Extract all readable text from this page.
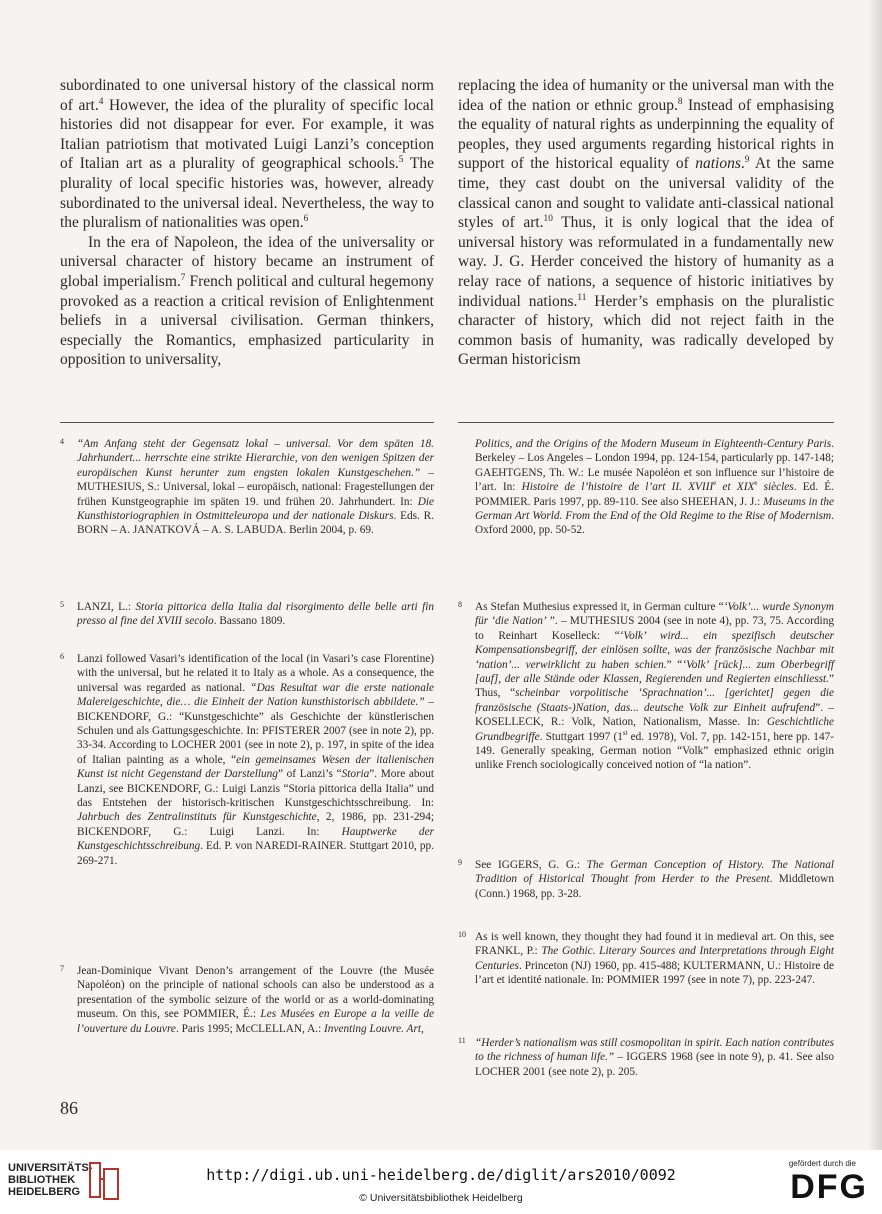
subordinated to one universal history of the classical norm of art.$^4$ However, the idea of the plurality of specific local histories did not disappear for ever. For example, it was Italian patriotism that motivated Luigi Lanzi’s conception of Italian art as a plurality of geographical schools.$^5$ The plurality of local specific histories was, however, already subordinated to the universal ideal. Nevertheless, the way to the pluralism of nationalities was open.$^6$

In the era of Napoleon, the idea of the universality or universal character of history became an instrument of global imperialism.$^7$ French political and cultural hegemony provoked as a reaction a critical revision of Enlightenment beliefs in a universal civilisation. German thinkers, especially the Romantics, emphasized particularity in opposition to universality,

replacing the idea of humanity or the universal man with the idea of the nation or ethnic group.$^8$ Instead of emphasising the equality of natural rights as underpinning the equality of peoples, they used arguments regarding historical rights in support of the historical equality of nations.$^9$ At the same time, they cast doubt on the universal validity of the classical canon and sought to validate anti-classical national styles of art.$^{10}$ Thus, it is only logical that the idea of universal history was reformulated in a fundamentally new way. J. G. Herder conceived the history of humanity as a relay race of nations, a sequence of historic initiatives by individual nations.$^{11}$ Herder’s emphasis on the pluralistic character of history, which did not reject faith in the common basis of humanity, was radically developed by German historicism

4 “Am Anfang steht der Gegensatz lokal – universal. Vor dem späten 18. Jahrhundert... herrschte eine strikte Hierarchie, von den wenigen Spitzen der europäischen Kunst herunter zum engsten lokalen Kunstgeschehen.” – MUTHESIUS, S.: Universal, lokal – europäisch, national: Fragestellungen der frühen Kunstgeographie im späten 19. und frühen 20. Jahrhundert. In: Die Kunsthistoriographien in Ostmitteleuropa und der nationale Diskurs. Eds. R. BORN – A. JANATKOVÁ – A. S. LABUDA. Berlin 2004, p. 69.
5 LANZI, L.: Storia pittorica della Italia dal risorgimento delle belle arti fin presso al fine del XVIII secolo. Bassano 1809.
6 Lanzi followed Vasari’s identification of the local (in Vasari’s case Florentine) with the universal, but he related it to Italy as a whole. As a consequence, the universal was regarded as national. “Das Resultat war die erste nationale Malereigeschichte, die… die Einheit der Nation kunsthistorisch abbildete.” – BICKENDORF, G.: “Kunstgeschichte” als Geschichte der künstlerischen Schulen und als Gattungsgeschichte. In: PFISTERER 2007 (see in note 2), pp. 33-34. According to LOCHER 2001 (see in note 2), p. 197, in spite of the idea of Italian painting as a whole, “ein gemeinsames Wesen der italienischen Kunst ist nicht Gegenstand der Darstellung” of Lanzi’s “Storia”. More about Lanzi, see BICKENDORF, G.: Luigi Lanzis “Storia pittorica della Italia” und das Entstehen der historisch-kritischen Kunstgeschichtsschreibung. In: Jahrbuch des Zentralinstituts für Kunstgeschichte, 2, 1986, pp. 231-294; BICKENDORF, G.: Luigi Lanzi. In: Hauptwerke der Kunstgeschichtsschreibung. Ed. P. von NAREDI-RAINER. Stuttgart 2010, pp. 269-271.
7 Jean-Dominique Vivant Denon’s arrangement of the Louvre (the Musée Napoléon) on the principle of national schools can also be understood as a presentation of the symbolic seizure of the world or as a world-dominating museum. On this, see POMMIER, É.: Les Musées en Europe a la veille de l’ouverture du Louvre. Paris 1995; McCLELLAN, A.: Inventing Louvre. Art,
Politics, and the Origins of the Modern Museum in Eighteenth-Century Paris. Berkeley – Los Angeles – London 1994, pp. 124-154, particularly pp. 147-148; GAEHTGENS, Th. W.: Le musée Napoléon et son influence sur l’histoire de l’art. In: Histoire de l’histoire de l’art II. XVIIIe et XIXe siècles. Ed. É. POMMIER. Paris 1997, pp. 89-110. See also SHEEHAN, J. J.: Museums in the German Art World. From the End of the Old Regime to the Rise of Modernism. Oxford 2000, pp. 50-52.
8 As Stefan Muthesius expressed it, in German culture “‘Volk’... wurde Synonym für ‘die Nation’ ”. – MUTHESIUS 2004 (see in note 4), pp. 73, 75. According to Reinhart Koselleck: “‘Volk’ wird... ein spezifisch deutscher Kompensationsbegriff, der einlösen sollte, was der französische Nachbar mit ‘nation’... verwirklicht zu haben schien.” “‘Volk’ [rück]... zum Oberbegriff [auf], der alle Stände oder Klassen, Regierenden und Regierten einschliesst.” Thus, “scheinbar vorpolitische ‘Sprachnation’... [gerichtet] gegen die französische (Staats-)Nation, das... deutsche Volk zur Einheit aufrufend”. – KOSELLECK, R.: Volk, Nation, Nationalism, Masse. In: Geschichtliche Grundbegriffe. Stuttgart 1997 (1st ed. 1978), Vol. 7, pp. 142-151, here pp. 147-149. Generally speaking, German notion “Volk” emphasized ethnic origin unlike French sociologically conceived notion of “la nation”.
9 See IGGERS, G. G.: The German Conception of History. The National Tradition of Historical Thought from Herder to the Present. Middletown (Conn.) 1968, pp. 3-28.
10 As is well known, they thought they had found it in medieval art. On this, see FRANKL, P.: The Gothic. Literary Sources and Interpretations through Eight Centuries. Princeton (NJ) 1960, pp. 415-488; KULTERMANN, U.: Histoire de l’art et identité nationale. In: POMMIER 1997 (see in note 7), pp. 223-247.
11 “Herder’s nationalism was still cosmopolitan in spirit. Each nation contributes to the richness of human life.” – IGGERS 1968 (see in note 9), p. 41. See also LOCHER 2001 (see note 2), p. 205.
86
UNIVERSITÄTS-
BIBLIOTHEK
HEIDELBERG
http://digi.ub.uni-heidelberg.de/diglit/ars2010/0092
© Universitätsbibliothek Heidelberg
gefördert durch die
DFG
